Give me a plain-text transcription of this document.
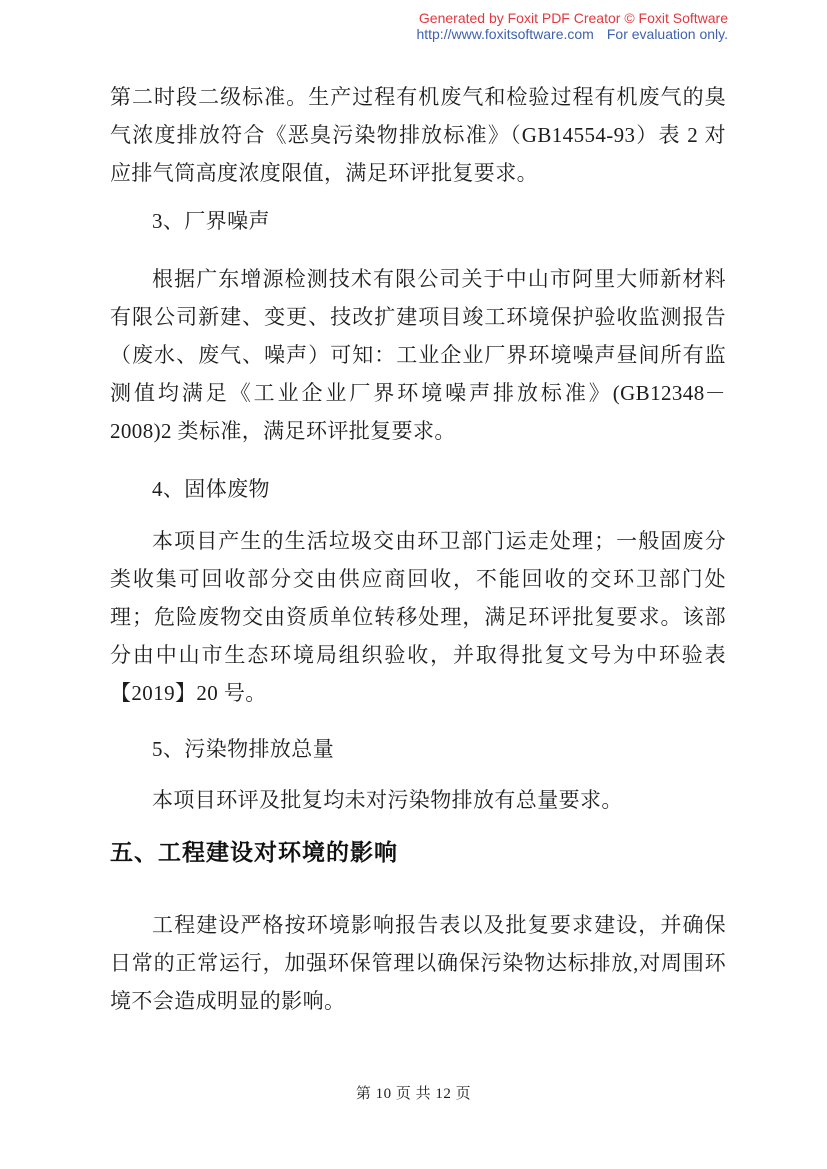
Generated by Foxit PDF Creator © Foxit Software
http://www.foxitsoftware.com For evaluation only.

第二时段二级标准。生产过程有机废气和检验过程有机废气的臭气浓度排放符合《恶臭污染物排放标准》（GB14554-93）表 2 对应排气筒高度浓度限值，满足环评批复要求。

3、厂界噪声

根据广东增源检测技术有限公司关于中山市阿里大师新材料有限公司新建、变更、技改扩建项目竣工环境保护验收监测报告（废水、废气、噪声）可知：工业企业厂界环境噪声昼间所有监测值均满足《工业企业厂界环境噪声排放标准》(GB12348－2008)2 类标准，满足环评批复要求。

4、固体废物

本项目产生的生活垃圾交由环卫部门运走处理；一般固废分类收集可回收部分交由供应商回收，不能回收的交环卫部门处理；危险废物交由资质单位转移处理，满足环评批复要求。该部分由中山市生态环境局组织验收，并取得批复文号为中环验表【2019】20 号。

5、污染物排放总量

本项目环评及批复均未对污染物排放有总量要求。

五、工程建设对环境的影响

工程建设严格按环境影响报告表以及批复要求建设，并确保日常的正常运行，加强环保管理以确保污染物达标排放,对周围环境不会造成明显的影响。

第 10 页 共 12 页
